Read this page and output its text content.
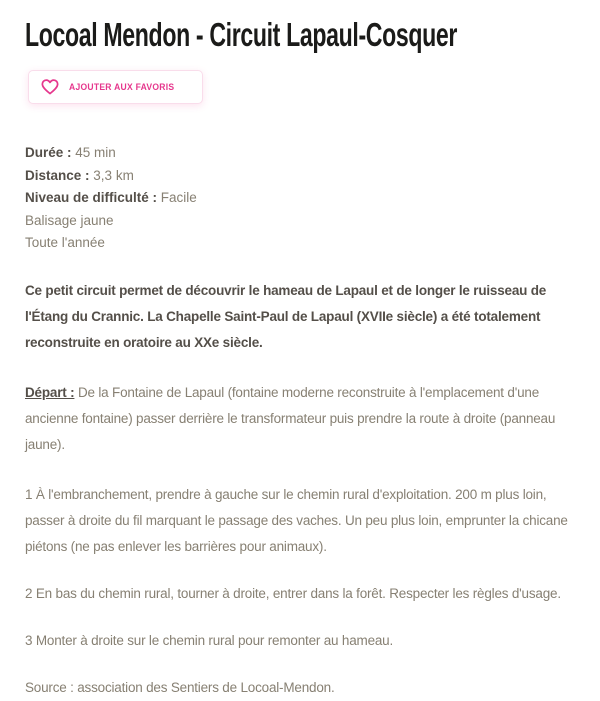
Locoal Mendon - Circuit Lapaul-Cosquer
AJOUTER AUX FAVORIS
Durée : 45 min
Distance : 3,3 km
Niveau de difficulté : Facile
Balisage jaune
Toute l'année

Ce petit circuit permet de découvrir le hameau de Lapaul et de longer le ruisseau de l'Étang du Crannic. La Chapelle Saint-Paul de Lapaul (XVIIe siècle) a été totalement reconstruite en oratoire au XXe siècle.

Départ : De la Fontaine de Lapaul (fontaine moderne reconstruite à l'emplacement d'une ancienne fontaine) passer derrière le transformateur puis prendre la route à droite (panneau jaune).

1 À l'embranchement, prendre à gauche sur le chemin rural d'exploitation. 200 m plus loin, passer à droite du fil marquant le passage des vaches. Un peu plus loin, emprunter la chicane piétons (ne pas enlever les barrières pour animaux).

2 En bas du chemin rural, tourner à droite, entrer dans la forêt. Respecter les règles d'usage.

3 Monter à droite sur le chemin rural pour remonter au hameau.

Source : association des Sentiers de Locoal-Mendon.
